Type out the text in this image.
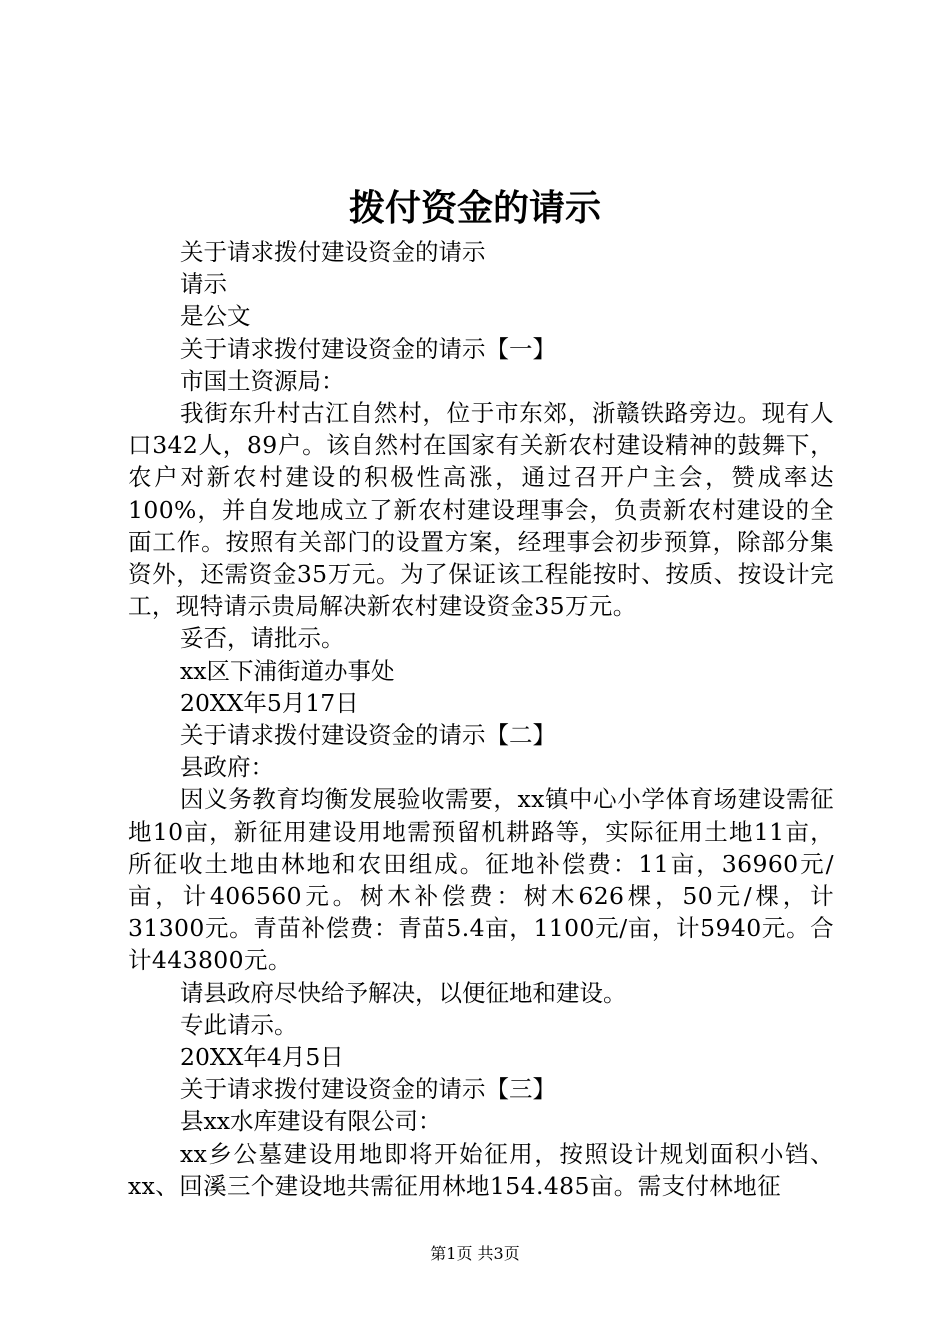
拨付资金的请示

关于请求拨付建设资金的请示

请示

是公文

关于请求拨付建设资金的请示【一】

市国土资源局：

我街东升村古江自然村，位于市东郊，浙赣铁路旁边。现有人口342人，89户。该自然村在国家有关新农村建设精神的鼓舞下，农户对新农村建设的积极性高涨，通过召开户主会，赞成率达100%，并自发地成立了新农村建设理事会，负责新农村建设的全面工作。按照有关部门的设置方案，经理事会初步预算，除部分集资外，还需资金35万元。为了保证该工程能按时、按质、按设计完工，现特请示贵局解决新农村建设资金35万元。

妥否，请批示。

xx区下浦街道办事处

20XX年5月17日

关于请求拨付建设资金的请示【二】

县政府：

因义务教育均衡发展验收需要，xx镇中心小学体育场建设需征地10亩，新征用建设用地需预留机耕路等，实际征用土地11亩，所征收土地由林地和农田组成。征地补偿费：11亩，36960元/亩，计406560元。树木补偿费：树木626棵，50元/棵，计31300元。青苗补偿费：青苗5.4亩，1100元/亩，计5940元。合计443800元。

请县政府尽快给予解决，以便征地和建设。

专此请示。

20XX年4月5日

关于请求拨付建设资金的请示【三】

县xx水库建设有限公司：

xx乡公墓建设用地即将开始征用，按照设计规划面积小铛、xx、回溪三个建设地共需征用林地154.485亩。需支付林地征

第1页 共3页
